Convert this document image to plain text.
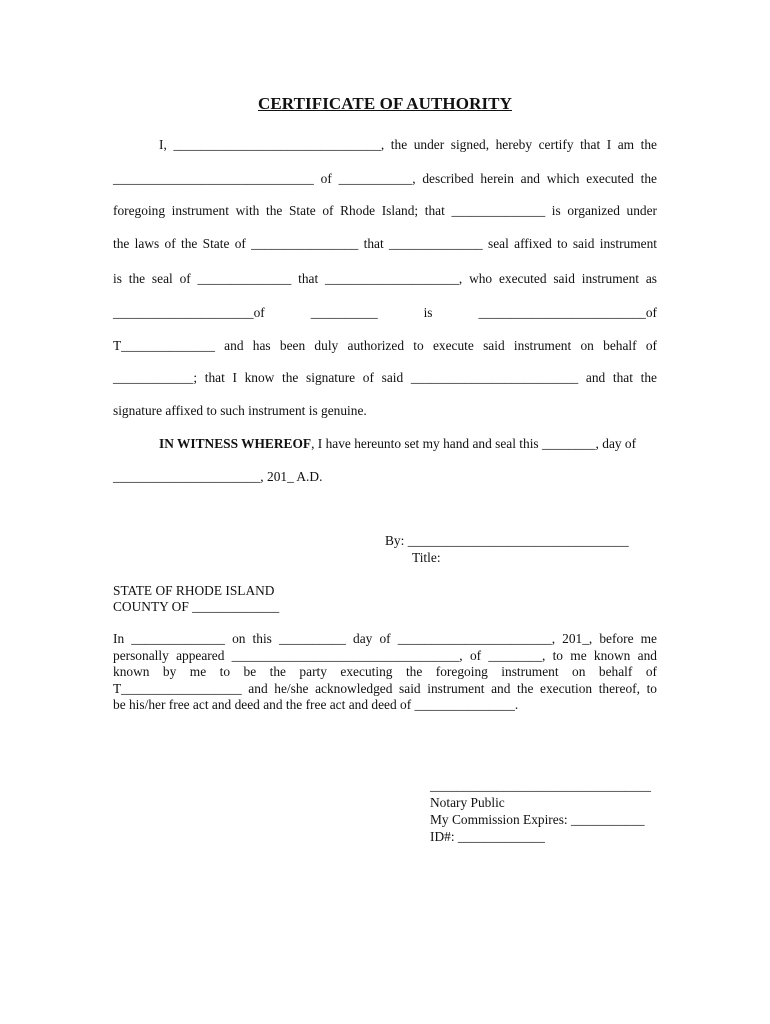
CERTIFICATE OF AUTHORITY
I, _______________________________, the under signed, hereby certify that I am the
______________________________ of ___________, described herein and which executed the
foregoing instrument with the State of Rhode Island; that ______________ is organized under
the laws of the State of ________________ that ______________ seal affixed to said instrument
is the seal of ______________ that ____________________, who executed said instrument as
_____________________of __________ is _________________________of
T______________ and has been duly authorized to execute said instrument on behalf of
____________; that I know the signature of said _________________________ and that the
signature affixed to such instrument is genuine.
IN WITNESS WHEREOF, I have hereunto set my hand and seal this ________, day of
______________________, 201_ A.D.
By: _________________________________
Title:
STATE OF RHODE ISLAND
COUNTY OF _____________
In ______________ on this __________ day of _______________________, 201_, before me
personally appeared __________________________________, of ________, to me known and
known by me to be the party executing the foregoing instrument on behalf of
T__________________ and he/she acknowledged said instrument and the execution thereof, to
be his/her free act and deed and the free act and deed of _______________.
_________________________________
Notary Public
My Commission Expires: ___________
ID#: _____________
